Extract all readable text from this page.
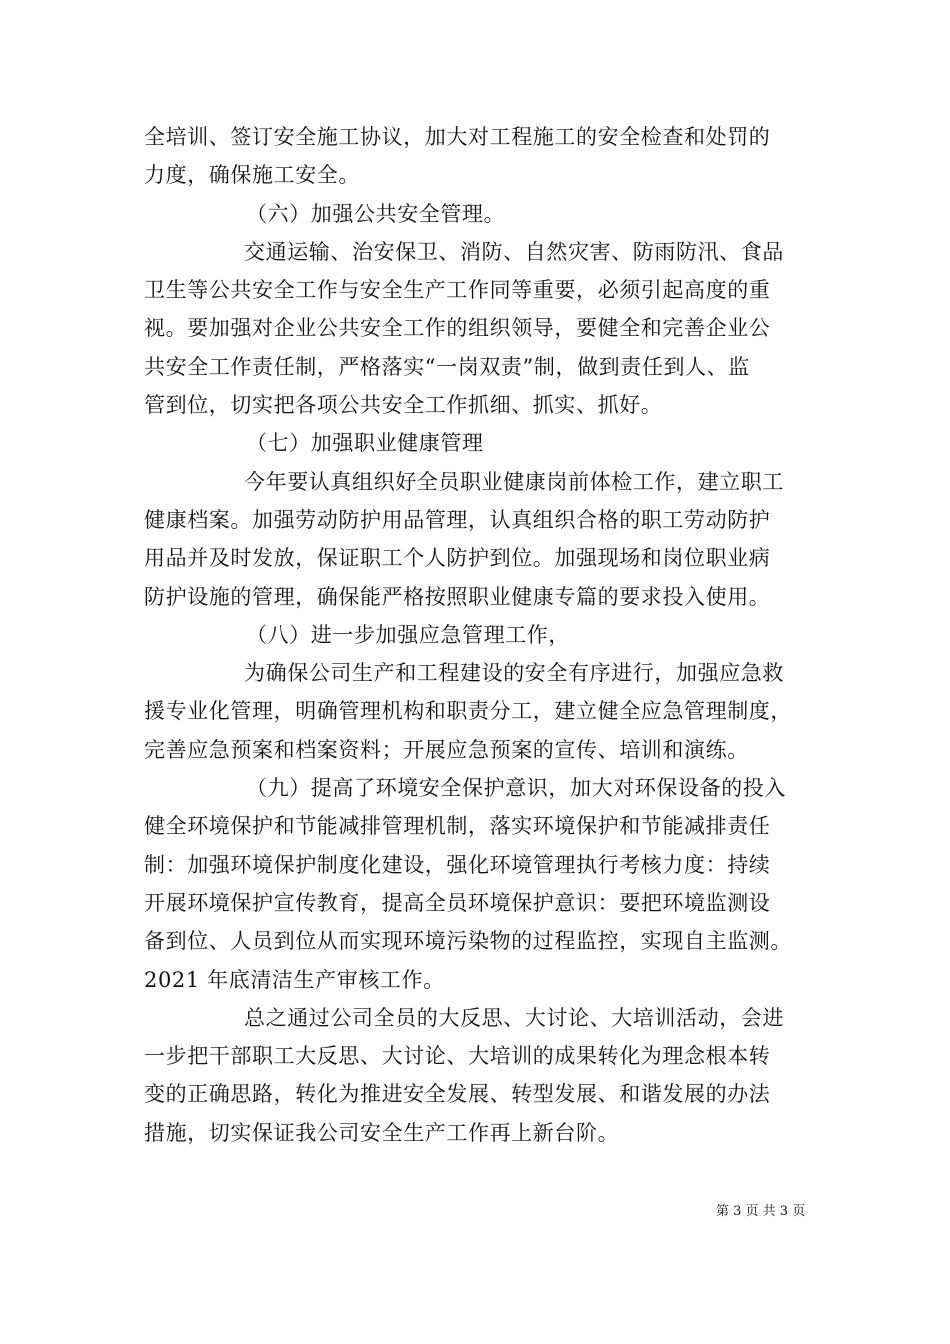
全培训、签订安全施工协议，加大对工程施工的安全检查和处罚的
力度，确保施工安全。
（六）加强公共安全管理。
交通运输、治安保卫、消防、自然灾害、防雨防汛、食品
卫生等公共安全工作与安全生产工作同等重要，必须引起高度的重
视。要加强对企业公共安全工作的组织领导，要健全和完善企业公
共安全工作责任制，严格落实“一岗双责”制，做到责任到人、监
管到位，切实把各项公共安全工作抓细、抓实、抓好。
（七）加强职业健康管理
今年要认真组织好全员职业健康岗前体检工作，建立职工
健康档案。加强劳动防护用品管理，认真组织合格的职工劳动防护
用品并及时发放，保证职工个人防护到位。加强现场和岗位职业病
防护设施的管理，确保能严格按照职业健康专篇的要求投入使用。
（八）进一步加强应急管理工作，
为确保公司生产和工程建设的安全有序进行，加强应急救
援专业化管理，明确管理机构和职责分工，建立健全应急管理制度，
完善应急预案和档案资料；开展应急预案的宣传、培训和演练。
（九）提高了环境安全保护意识，加大对环保设备的投入
健全环境保护和节能减排管理机制，落实环境保护和节能减排责任
制：加强环境保护制度化建设，强化环境管理执行考核力度：持续
开展环境保护宣传教育，提高全员环境保护意识：要把环境监测设
备到位、人员到位从而实现环境污染物的过程监控，实现自主监测。
2021 年底清洁生产审核工作。
总之通过公司全员的大反思、大讨论、大培训活动，会进
一步把干部职工大反思、大讨论、大培训的成果转化为理念根本转
变的正确思路，转化为推进安全发展、转型发展、和谐发展的办法
措施，切实保证我公司安全生产工作再上新台阶。
第 3 页 共 3 页
